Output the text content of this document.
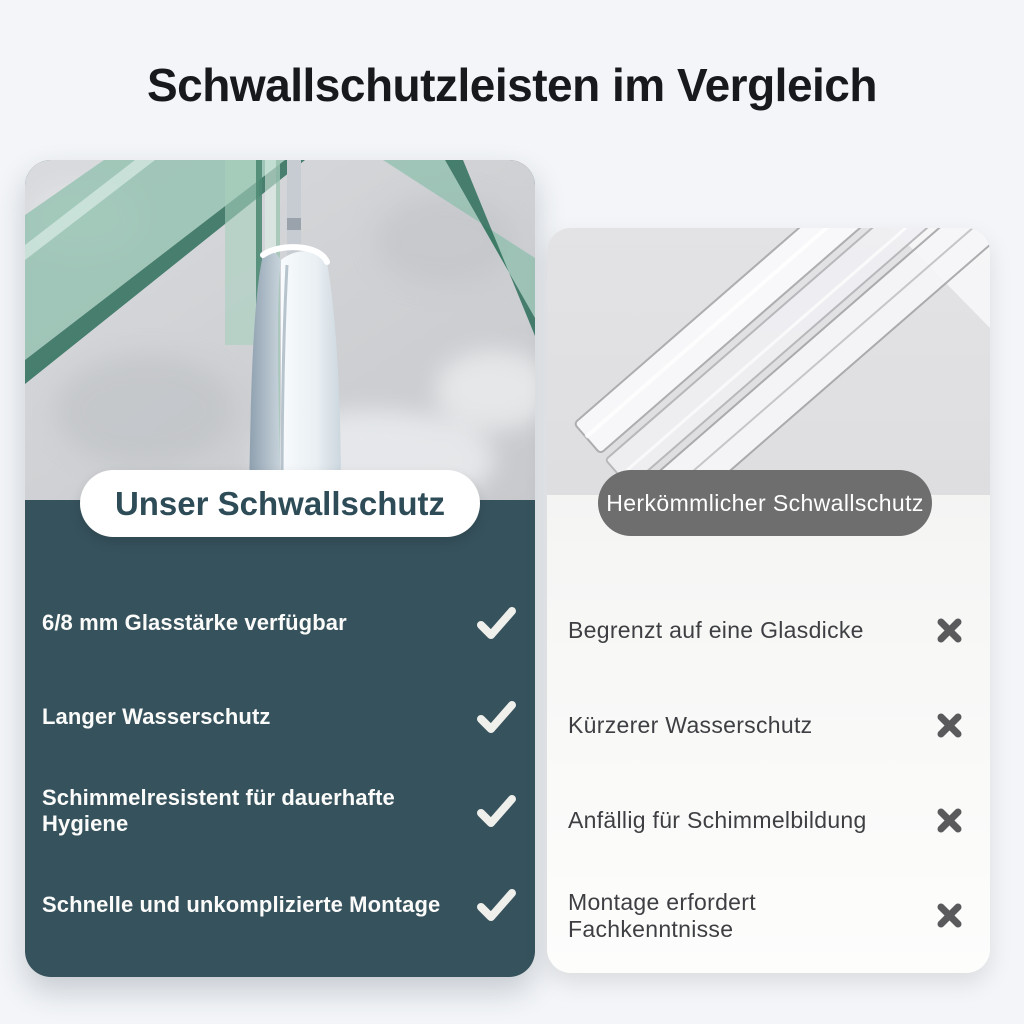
Schwallschutzleisten im Vergleich
Unser Schwallschutz
6/8 mm Glasstärke verfügbar
Langer Wasserschutz
Schimmelresistent für dauerhafte Hygiene
Schnelle und unkomplizierte Montage
Herkömmlicher Schwallschutz
Begrenzt auf eine Glasdicke
Kürzerer Wasserschutz
Anfällig für Schimmelbildung
Montage erfordert Fachkenntnisse
